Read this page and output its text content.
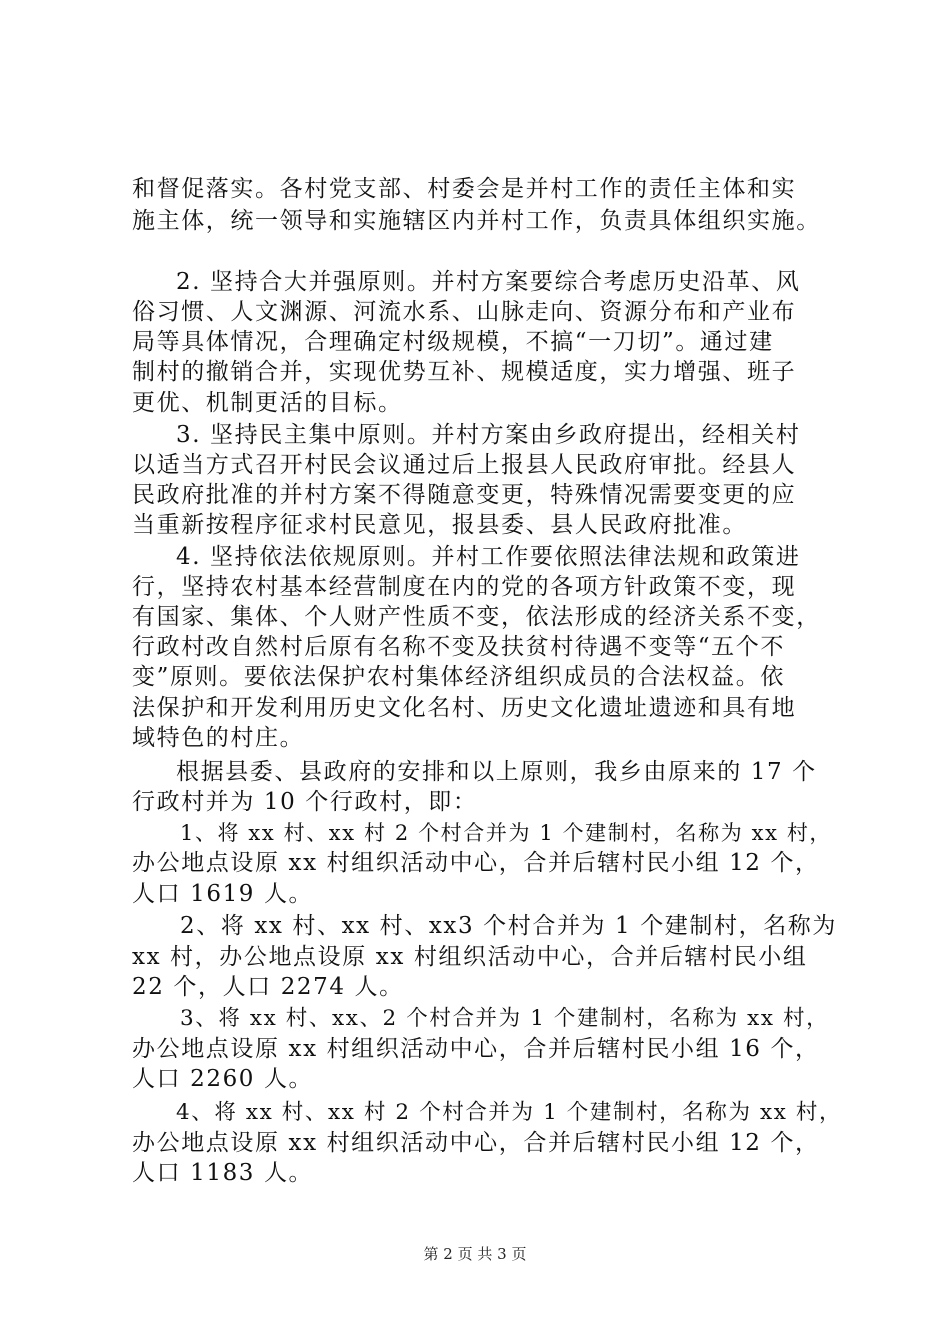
和督促落实。各村党支部、村委会是并村工作的责任主体和实
施主体，统一领导和实施辖区内并村工作，负责具体组织实施。
2. 坚持合大并强原则。并村方案要综合考虑历史沿革、风
俗习惯、人文渊源、河流水系、山脉走向、资源分布和产业布
局等具体情况，合理确定村级规模，不搞“一刀切”。通过建
制村的撤销合并，实现优势互补、规模适度，实力增强、班子
更优、机制更活的目标。
3. 坚持民主集中原则。并村方案由乡政府提出，经相关村
以适当方式召开村民会议通过后上报县人民政府审批。经县人
民政府批准的并村方案不得随意变更，特殊情况需要变更的应
当重新按程序征求村民意见，报县委、县人民政府批准。
4. 坚持依法依规原则。并村工作要依照法律法规和政策进
行，坚持农村基本经营制度在内的党的各项方针政策不变，现
有国家、集体、个人财产性质不变，依法形成的经济关系不变，
行政村改自然村后原有名称不变及扶贫村待遇不变等“五个不
变”原则。要依法保护农村集体经济组织成员的合法权益。依
法保护和开发利用历史文化名村、历史文化遗址遗迹和具有地
域特色的村庄。
根据县委、县政府的安排和以上原则，我乡由原来的 17 个
行政村并为 10 个行政村，即：
1、将 xx 村、xx 村 2 个村合并为 1 个建制村，名称为 xx 村，
办公地点设原 xx 村组织活动中心，合并后辖村民小组 12 个，
人口 1619 人。
2、将 xx 村、xx 村、xx3 个村合并为 1 个建制村，名称为
xx 村，办公地点设原 xx 村组织活动中心，合并后辖村民小组
22 个，人口 2274 人。
3、将 xx 村、xx、2 个村合并为 1 个建制村，名称为 xx 村，
办公地点设原 xx 村组织活动中心，合并后辖村民小组 16 个，
人口 2260 人。
4、将 xx 村、xx 村 2 个村合并为 1 个建制村，名称为 xx 村，
办公地点设原 xx 村组织活动中心，合并后辖村民小组 12 个，
人口 1183 人。
第 2 页 共 3 页
